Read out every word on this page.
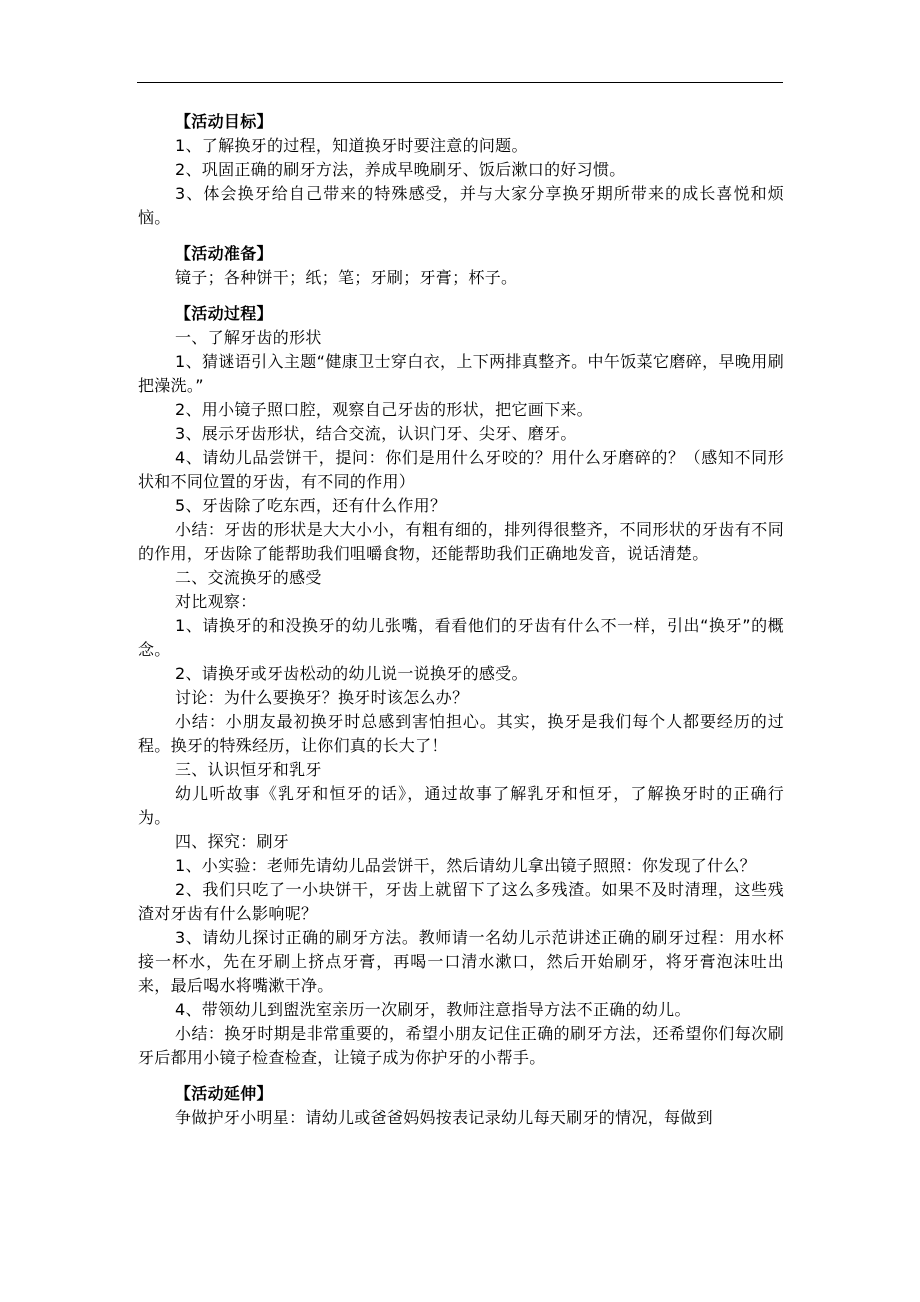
【活动目标】
1、了解换牙的过程，知道换牙时要注意的问题。
2、巩固正确的刷牙方法，养成早晚刷牙、饭后漱口的好习惯。
3、体会换牙给自己带来的特殊感受，并与大家分享换牙期所带来的成长喜悦和烦恼。
【活动准备】
镜子；各种饼干；纸；笔；牙刷；牙膏；杯子。
【活动过程】
一、了解牙齿的形状
1、猜谜语引入主题“健康卫士穿白衣，上下两排真整齐。中午饭菜它磨碎，早晚用刷把澡洗。”
2、用小镜子照口腔，观察自己牙齿的形状，把它画下来。
3、展示牙齿形状，结合交流，认识门牙、尖牙、磨牙。
4、请幼儿品尝饼干，提问：你们是用什么牙咬的？用什么牙磨碎的？（感知不同形状和不同位置的牙齿，有不同的作用）
5、牙齿除了吃东西，还有什么作用？
小结：牙齿的形状是大大小小，有粗有细的，排列得很整齐，不同形状的牙齿有不同的作用，牙齿除了能帮助我们咀嚼食物，还能帮助我们正确地发音，说话清楚。
二、交流换牙的感受
对比观察：
1、请换牙的和没换牙的幼儿张嘴，看看他们的牙齿有什么不一样，引出“换牙”的概念。
2、请换牙或牙齿松动的幼儿说一说换牙的感受。
讨论：为什么要换牙？换牙时该怎么办？
小结：小朋友最初换牙时总感到害怕担心。其实，换牙是我们每个人都要经历的过程。换牙的特殊经历，让你们真的长大了！
三、认识恒牙和乳牙
幼儿听故事《乳牙和恒牙的话》，通过故事了解乳牙和恒牙，了解换牙时的正确行为。
四、探究：刷牙
1、小实验：老师先请幼儿品尝饼干，然后请幼儿拿出镜子照照：你发现了什么？
2、我们只吃了一小块饼干，牙齿上就留下了这么多残渣。如果不及时清理，这些残渣对牙齿有什么影响呢？
3、请幼儿探讨正确的刷牙方法。教师请一名幼儿示范讲述正确的刷牙过程：用水杯接一杯水，先在牙刷上挤点牙膏，再喝一口清水漱口，然后开始刷牙，将牙膏泡沫吐出来，最后喝水将嘴漱干净。
4、带领幼儿到盥洗室亲历一次刷牙，教师注意指导方法不正确的幼儿。
小结：换牙时期是非常重要的，希望小朋友记住正确的刷牙方法，还希望你们每次刷牙后都用小镜子检查检查，让镜子成为你护牙的小帮手。
【活动延伸】
争做护牙小明星：请幼儿或爸爸妈妈按表记录幼儿每天刷牙的情况，每做到
